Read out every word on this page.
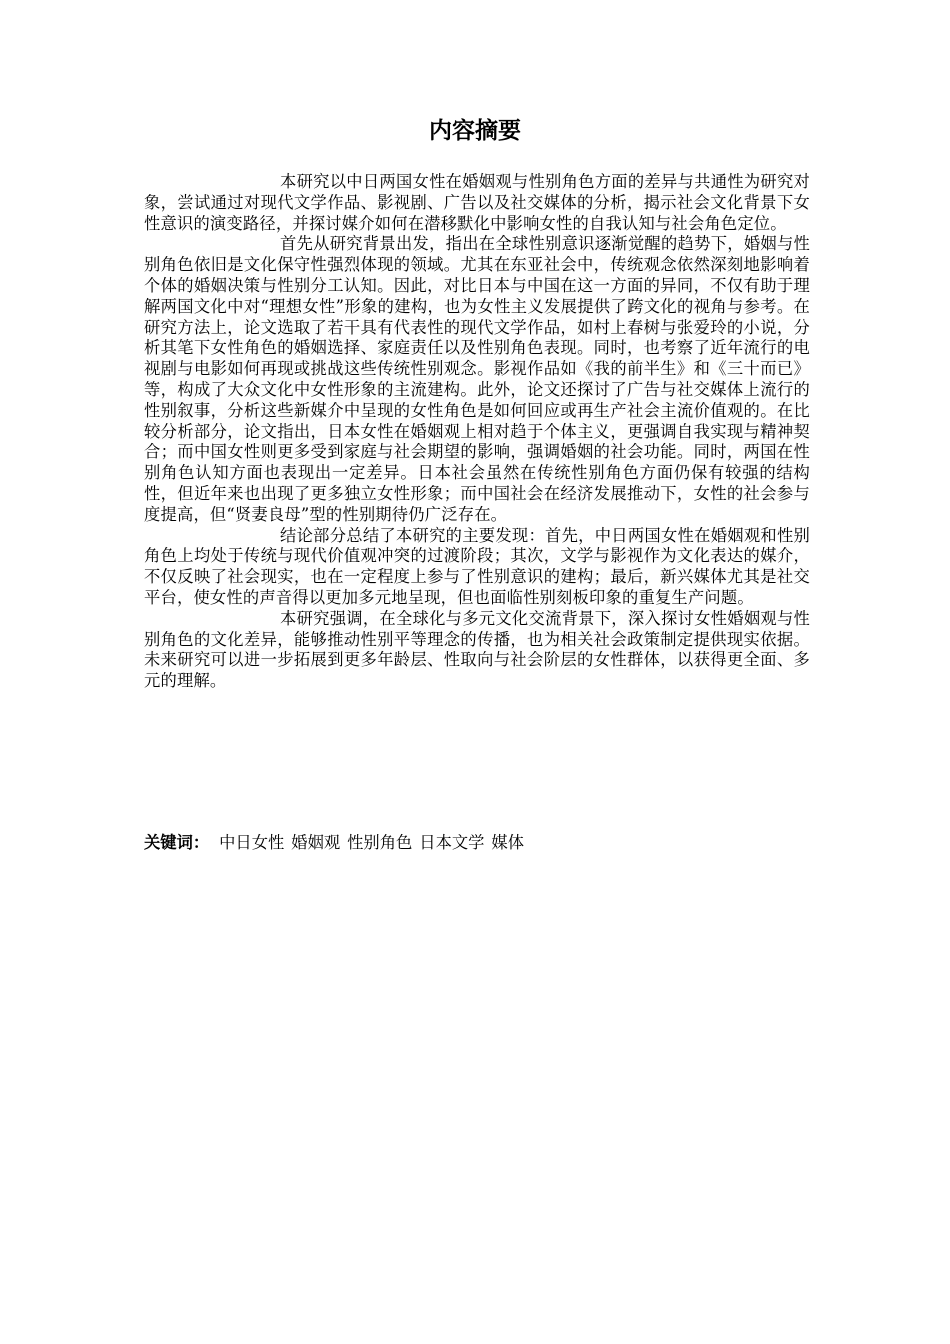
内容摘要

本研究以中日两国女性在婚姻观与性别角色方面的差异与共通性为研究对象，尝试通过对现代文学作品、影视剧、广告以及社交媒体的分析，揭示社会文化背景下女性意识的演变路径，并探讨媒介如何在潜移默化中影响女性的自我认知与社会角色定位。

首先从研究背景出发，指出在全球性别意识逐渐觉醒的趋势下，婚姻与性别角色依旧是文化保守性强烈体现的领域。尤其在东亚社会中，传统观念依然深刻地影响着个体的婚姻决策与性别分工认知。因此，对比日本与中国在这一方面的异同，不仅有助于理解两国文化中对“理想女性”形象的建构，也为女性主义发展提供了跨文化的视角与参考。在研究方法上，论文选取了若干具有代表性的现代文学作品，如村上春树与张爱玲的小说，分析其笔下女性角色的婚姻选择、家庭责任以及性别角色表现。同时，也考察了近年流行的电视剧与电影如何再现或挑战这些传统性别观念。影视作品如《我的前半生》和《三十而已》等，构成了大众文化中女性形象的主流建构。此外，论文还探讨了广告与社交媒体上流行的性别叙事，分析这些新媒介中呈现的女性角色是如何回应或再生产社会主流价值观的。在比较分析部分，论文指出，日本女性在婚姻观上相对趋于个体主义，更强调自我实现与精神契合；而中国女性则更多受到家庭与社会期望的影响，强调婚姻的社会功能。同时，两国在性别角色认知方面也表现出一定差异。日本社会虽然在传统性别角色方面仍保有较强的结构性，但近年来也出现了更多独立女性形象；而中国社会在经济发展推动下，女性的社会参与度提高，但“贤妻良母”型的性别期待仍广泛存在。

结论部分总结了本研究的主要发现：首先，中日两国女性在婚姻观和性别角色上均处于传统与现代价值观冲突的过渡阶段；其次，文学与影视作为文化表达的媒介，不仅反映了社会现实，也在一定程度上参与了性别意识的建构；最后，新兴媒体尤其是社交平台，使女性的声音得以更加多元地呈现，但也面临性别刻板印象的重复生产问题。

本研究强调，在全球化与多元文化交流背景下，深入探讨女性婚姻观与性别角色的文化差异，能够推动性别平等理念的传播，也为相关社会政策制定提供现实依据。未来研究可以进一步拓展到更多年龄层、性取向与社会阶层的女性群体，以获得更全面、多元的理解。

关键词： 中日女性 婚姻观 性别角色 日本文学 媒体
